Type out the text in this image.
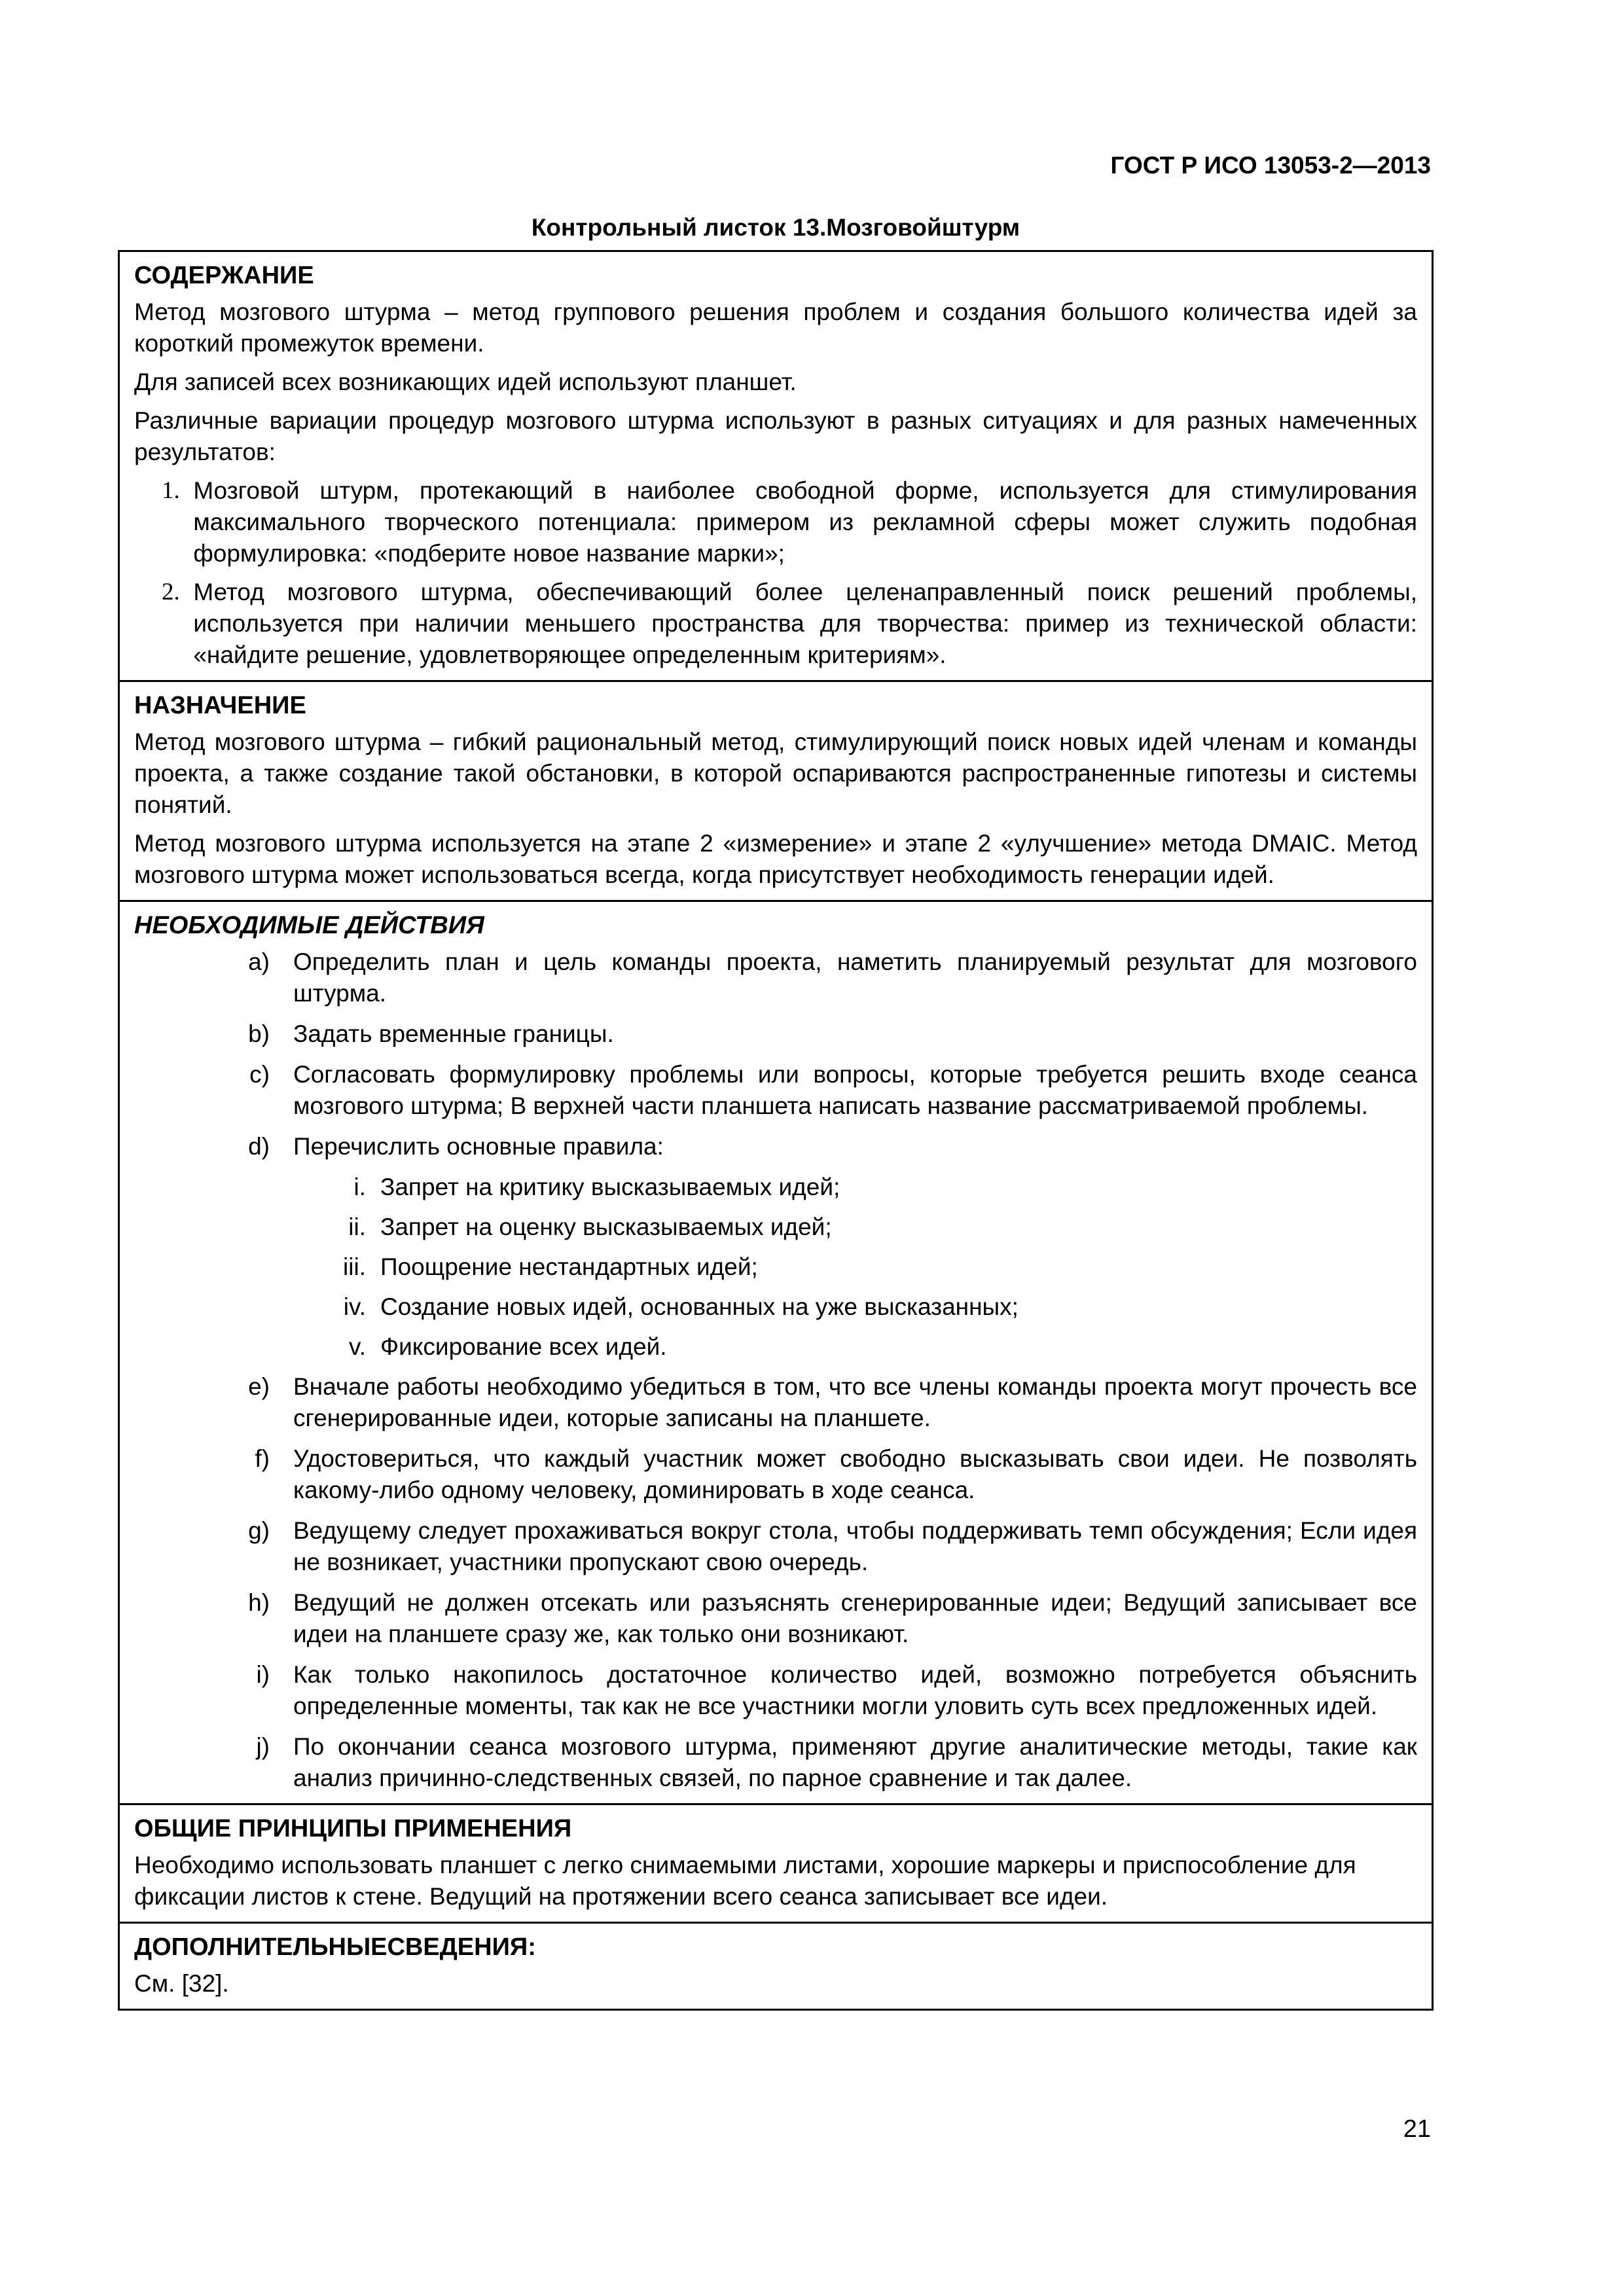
ГОСТ Р ИСО 13053-2—2013
Контрольный листок 13.Мозговойштурм
СОДЕРЖАНИЕ

Метод мозгового штурма – метод группового решения проблем и создания большого количества идей за короткий промежуток времени.

Для записей всех возникающих идей используют планшет.

Различные вариации процедур мозгового штурма используют в разных ситуациях и для разных намеченных результатов:

1.
Мозговой штурм, протекающий в наиболее свободной форме, используется для стимулирования максимального творческого потенциала: примером из рекламной сферы может служить подобная формулировка: «подберите новое название марки»;

2.
Метод мозгового штурма, обеспечивающий более целенаправленный поиск решений проблемы, используется при наличии меньшего пространства для творчества: пример из технической области: «найдите решение, удовлетворяющее определенным критериям».

НАЗНАЧЕНИЕ

Метод мозгового штурма – гибкий рациональный метод, стимулирующий поиск новых идей членам и команды проекта, а также создание такой обстановки, в которой оспариваются распространенные гипотезы и системы понятий.

Метод мозгового штурма используется на этапе 2 «измерение» и этапе 2 «улучшение» метода DMAIC. Метод мозгового штурма может использоваться всегда, когда присутствует необходимость генерации идей.

НЕОБХОДИМЫЕ ДЕЙСТВИЯ
a) Определить план и цель команды проекта, наметить планируемый результат для мозгового штурма.
b) Задать временные границы.
c) Согласовать формулировку проблемы или вопросы, которые требуется решить входе сеанса мозгового штурма; В верхней части планшета написать название рассматриваемой проблемы.
d) Перечислить основные правила:
i. Запрет на критику высказываемых идей;
ii. Запрет на оценку высказываемых идей;
iii. Поощрение нестандартных идей;
iv. Создание новых идей, основанных на уже высказанных;
v. Фиксирование всех идей.
e) Вначале работы необходимо убедиться в том, что все члены команды проекта могут прочесть все сгенерированные идеи, которые записаны на планшете.
f) Удостовериться, что каждый участник может свободно высказывать свои идеи. Не позволять какому-либо одному человеку, доминировать в ходе сеанса.
g) Ведущему следует прохаживаться вокруг стола, чтобы поддерживать темп обсуждения; Если идея не возникает, участники пропускают свою очередь.
h) Ведущий не должен отсекать или разъяснять сгенерированные идеи; Ведущий записывает все идеи на планшете сразу же, как только они возникают.
i) Как только накопилось достаточное количество идей, возможно потребуется объяснить определенные моменты, так как не все участники могли уловить суть всех предложенных идей.
j) По окончании сеанса мозгового штурма, применяют другие аналитические методы, такие как анализ причинно-следственных связей, по парное сравнение и так далее.

ОБЩИЕ ПРИНЦИПЫ ПРИМЕНЕНИЯ

Необходимо использовать планшет с легко снимаемыми листами, хорошие маркеры и приспособление для фиксации листов к стене. Ведущий на протяжении всего сеанса записывает все идеи.

ДОПОЛНИТЕЛЬНЫЕСВЕДЕНИЯ:

См. [32].

21
